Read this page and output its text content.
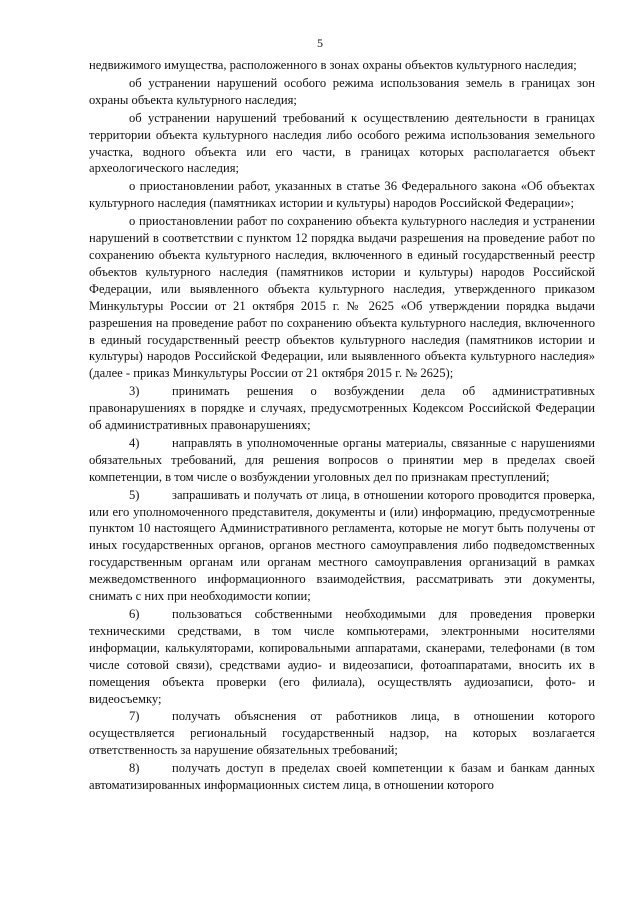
5

недвижимого имущества, расположенного в зонах охраны объектов культурного наследия;

об устранении нарушений особого режима использования земель в границах зон охраны объекта культурного наследия;

об устранении нарушений требований к осуществлению деятельности в границах территории объекта культурного наследия либо особого режима использования земельного участка, водного объекта или его части, в границах которых располагается объект археологического наследия;

о приостановлении работ, указанных в статье 36 Федерального закона «Об объектах культурного наследия (памятниках истории и культуры) народов Российской Федерации»;

о приостановлении работ по сохранению объекта культурного наследия и устранении нарушений в соответствии с пунктом 12 порядка выдачи разрешения на проведение работ по сохранению объекта культурного наследия, включенного в единый государственный реестр объектов культурного наследия (памятников истории и культуры) народов Российской Федерации, или выявленного объекта культурного наследия, утвержденного приказом Минкультуры России от 21 октября 2015 г. № 2625 «Об утверждении порядка выдачи разрешения на проведение работ по сохранению объекта культурного наследия, включенного в единый государственный реестр объектов культурного наследия (памятников истории и культуры) народов Российской Федерации, или выявленного объекта культурного наследия» (далее - приказ Минкультуры России от 21 октября 2015 г. № 2625);

3)	принимать решения о возбуждении дела об административных правонарушениях в порядке и случаях, предусмотренных Кодексом Российской Федерации об административных правонарушениях;

4)	направлять в уполномоченные органы материалы, связанные с нарушениями обязательных требований, для решения вопросов о принятии мер в пределах своей компетенции, в том числе о возбуждении уголовных дел по признакам преступлений;

5)	запрашивать и получать от лица, в отношении которого проводится проверка, или его уполномоченного представителя, документы и (или) информацию, предусмотренные пунктом 10 настоящего Административного регламента, которые не могут быть получены от иных государственных органов, органов местного самоуправления либо подведомственных государственным органам или органам местного самоуправления организаций в рамках межведомственного информационного взаимодействия, рассматривать эти документы, снимать с них при необходимости копии;

6)	пользоваться собственными необходимыми для проведения проверки техническими средствами, в том числе компьютерами, электронными носителями информации, калькуляторами, копировальными аппаратами, сканерами, телефонами (в том числе сотовой связи), средствами аудио- и видеозаписи, фотоаппаратами, вносить их в помещения объекта проверки (его филиала), осуществлять аудиозаписи, фото- и видеосъемку;

7)	получать объяснения от работников лица, в отношении которого осуществляется региональный государственный надзор, на которых возлагается ответственность за нарушение обязательных требований;

8)	получать доступ в пределах своей компетенции к базам и банкам данных автоматизированных информационных систем лица, в отношении которого
